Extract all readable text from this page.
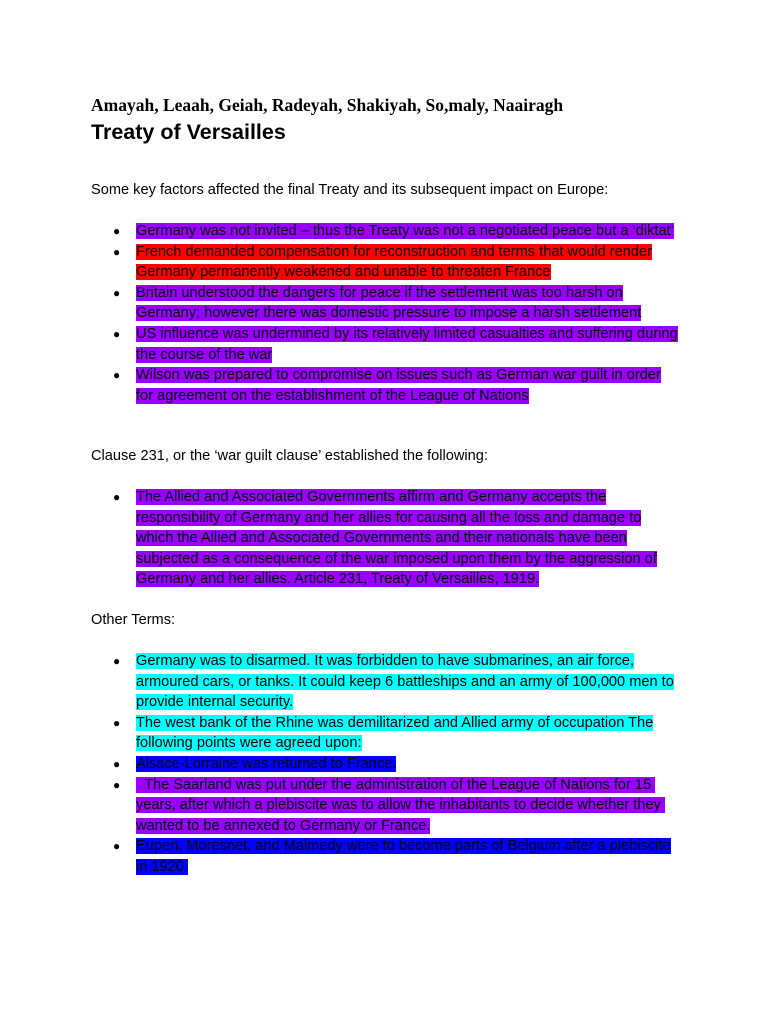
Amayah, Leaah, Geiah, Radeyah, Shakiyah, So,maly, Naairagh
Treaty of Versailles
Some key factors affected the final Treaty and its subsequent impact on Europe:
● Germany was not invited – thus the Treaty was not a negotiated peace but a ‘diktat’
● French demanded compensation for reconstruction and terms that would render Germany permanently weakened and unable to threaten France
● Britain understood the dangers for peace if the settlement was too harsh on Germany; however there was domestic pressure to impose a harsh settlement
● US influence was undermined by its relatively limited casualties and suffering during the course of the war
● Wilson was prepared to compromise on issues such as German war guilt in order for agreement on the establishment of the League of Nations
Clause 231, or the ‘war guilt clause’ established the following:
● The Allied and Associated Governments affirm and Germany accepts the responsibility of Germany and her allies for causing all the loss and damage to which the Allied and Associated Governments and their nationals have been subjected as a consequence of the war imposed upon them by the aggression of Germany and her allies. Article 231, Treaty of Versailles, 1919.
Other Terms:
● Germany was to disarmed. It was forbidden to have submarines, an air force, armoured cars, or tanks. It could keep 6 battleships and an army of 100,000 men to provide internal security.
● The west bank of the Rhine was demilitarized and Allied army of occupation The following points were agreed upon:
● Alsace-Lorraine was returned to France.
● The Saarland was put under the administration of the League of Nations for 15 years, after which a plebiscite was to allow the inhabitants to decide whether they wanted to be annexed to Germany or France.
● Eupen, Moresnet, and Malmedy were to become parts of Belgium after a plebiscite in 1920.
